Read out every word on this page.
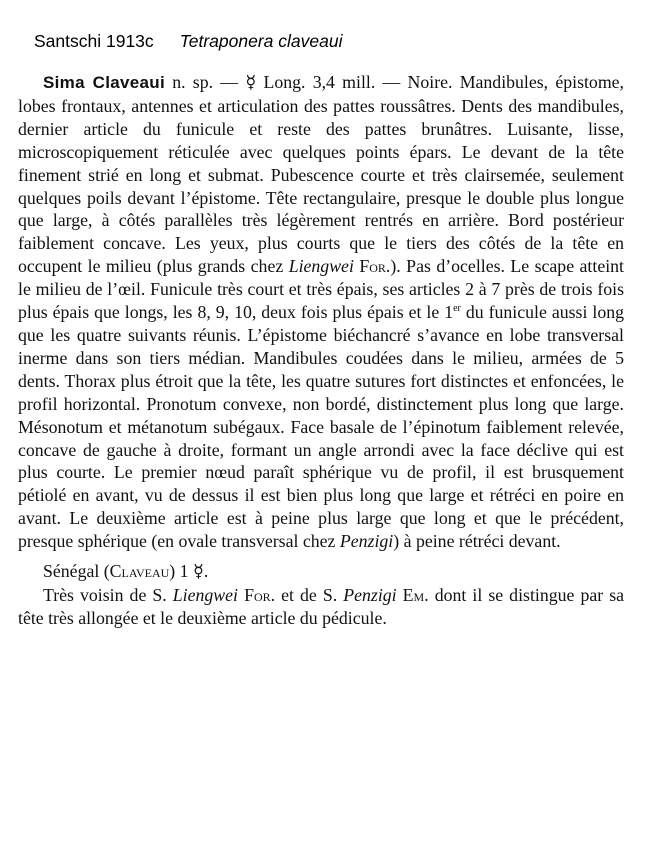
Santschi 1913c Tetraponera claveaui

Sima Claveaui n. sp. — ☿ Long. 3,4 mill. — Noire. Mandibules, épistome, lobes frontaux, antennes et articulation des pattes roussâtres. Dents des mandibules, dernier article du funicule et reste des pattes brunâtres. Luisante, lisse, microscopiquement réticulée avec quelques points épars. Le devant de la tête finement strié en long et submat. Pubescence courte et très clairsemée, seulement quelques poils devant l’épistome. Tête rectangulaire, presque le double plus longue que large, à côtés parallèles très légèrement rentrés en arrière. Bord postérieur faiblement concave. Les yeux, plus courts que le tiers des côtés de la tête en occupent le milieu (plus grands chez Liengwei For.). Pas d’ocelles. Le scape atteint le milieu de l’œil. Funicule très court et très épais, ses articles 2 à 7 près de trois fois plus épais que longs, les 8, 9, 10, deux fois plus épais et le 1er du funicule aussi long que les quatre suivants réunis. L’épistome biéchancré s’avance en lobe transversal inerme dans son tiers médian. Mandibules coudées dans le milieu, armées de 5 dents. Thorax plus étroit que la tête, les quatre sutures fort distinctes et enfoncées, le profil horizontal. Pronotum convexe, non bordé, distinctement plus long que large. Mésonotum et métanotum subégaux. Face basale de l’épinotum faiblement relevée, concave de gauche à droite, formant un angle arrondi avec la face déclive qui est plus courte. Le premier nœud paraît sphérique vu de profil, il est brusquement pétiolé en avant, vu de dessus il est bien plus long que large et rétréci en poire en avant. Le deuxième article est à peine plus large que long et que le précédent, presque sphérique (en ovale transversal chez Penzigi) à peine rétréci devant.

Sénégal (Claveau) 1 ☿.

Très voisin de S. Liengwei For. et de S. Penzigi Em. dont il se distingue par sa tête très allongée et le deuxième article du pédicule.
